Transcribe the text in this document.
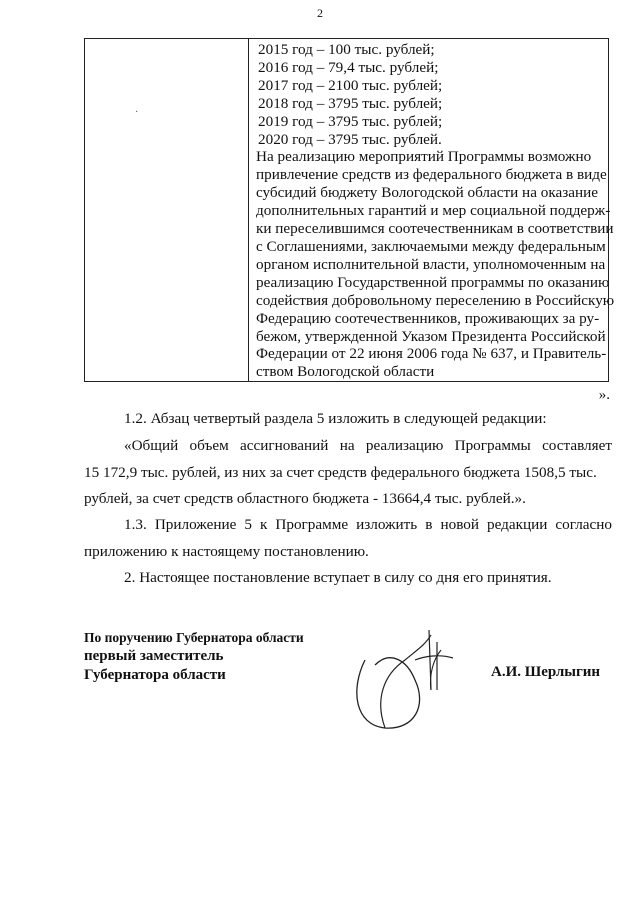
2
·
2015 год – 100 тыс. рублей;
2016 год – 79,4 тыс. рублей;
2017 год – 2100 тыс. рублей;
2018 год – 3795 тыс. рублей;
2019 год – 3795 тыс. рублей;
2020 год – 3795 тыс. рублей.
На реализацию мероприятий Программы возможно
привлечение средств из федерального бюджета в виде
субсидий бюджету Вологодской области на оказание
дополнительных гарантий и мер социальной поддерж-
ки переселившимся соотечественникам в соответствии
с Соглашениями, заключаемыми между федеральным
органом исполнительной власти, уполномоченным на
реализацию Государственной программы по оказанию
содействия добровольному переселению в Российскую
Федерацию соотечественников, проживающих за ру-
бежом, утвержденной Указом Президента Российской
Федерации от 22 июня 2006 года № 637, и Правитель-
ством Вологодской области
».
1.2. Абзац четвертый раздела 5 изложить в следующей редакции:
«Общий объем ассигнований на реализацию Программы составляет
15 172,9 тыс. рублей, из них за счет средств федерального бюджета 1508,5 тыс.
рублей, за счет средств областного бюджета - 13664,4 тыс. рублей.».
1.3. Приложение 5 к Программе изложить в новой редакции согласно
приложению к настоящему постановлению.
2. Настоящее постановление вступает в силу со дня его принятия.
По поручению Губернатора области
первый заместитель
Губернатора области	А.И. Шерлыгин
